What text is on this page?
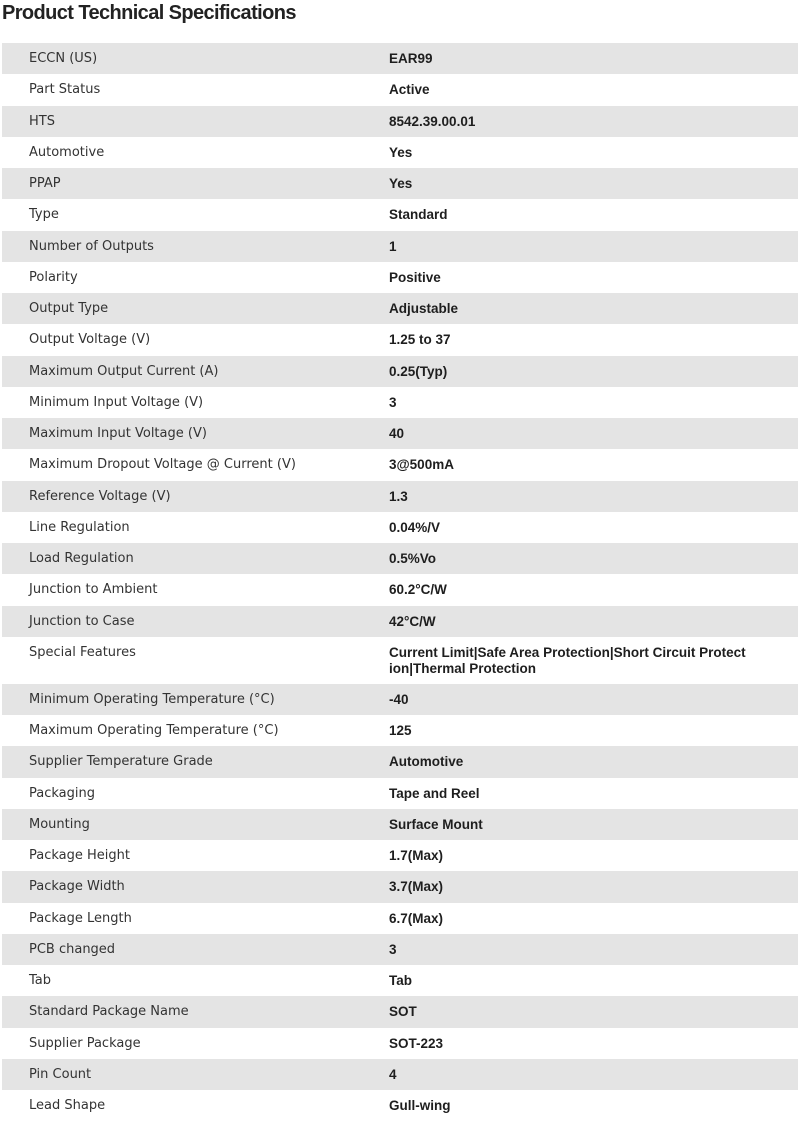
Product Technical Specifications
ECCN (US)	EAR99
Part Status	Active
HTS	8542.39.00.01
Automotive	Yes
PPAP	Yes
Type	Standard
Number of Outputs	1
Polarity	Positive
Output Type	Adjustable
Output Voltage (V)	1.25 to 37
Maximum Output Current (A)	0.25(Typ)
Minimum Input Voltage (V)	3
Maximum Input Voltage (V)	40
Maximum Dropout Voltage @ Current (V)	3@500mA
Reference Voltage (V)	1.3
Line Regulation	0.04%/V
Load Regulation	0.5%Vo
Junction to Ambient	60.2°C/W
Junction to Case	42°C/W
Special Features	Current Limit|Safe Area Protection|Short Circuit Protection|Thermal Protection
Minimum Operating Temperature (°C)	-40
Maximum Operating Temperature (°C)	125
Supplier Temperature Grade	Automotive
Packaging	Tape and Reel
Mounting	Surface Mount
Package Height	1.7(Max)
Package Width	3.7(Max)
Package Length	6.7(Max)
PCB changed	3
Tab	Tab
Standard Package Name	SOT
Supplier Package	SOT-223
Pin Count	4
Lead Shape	Gull-wing
